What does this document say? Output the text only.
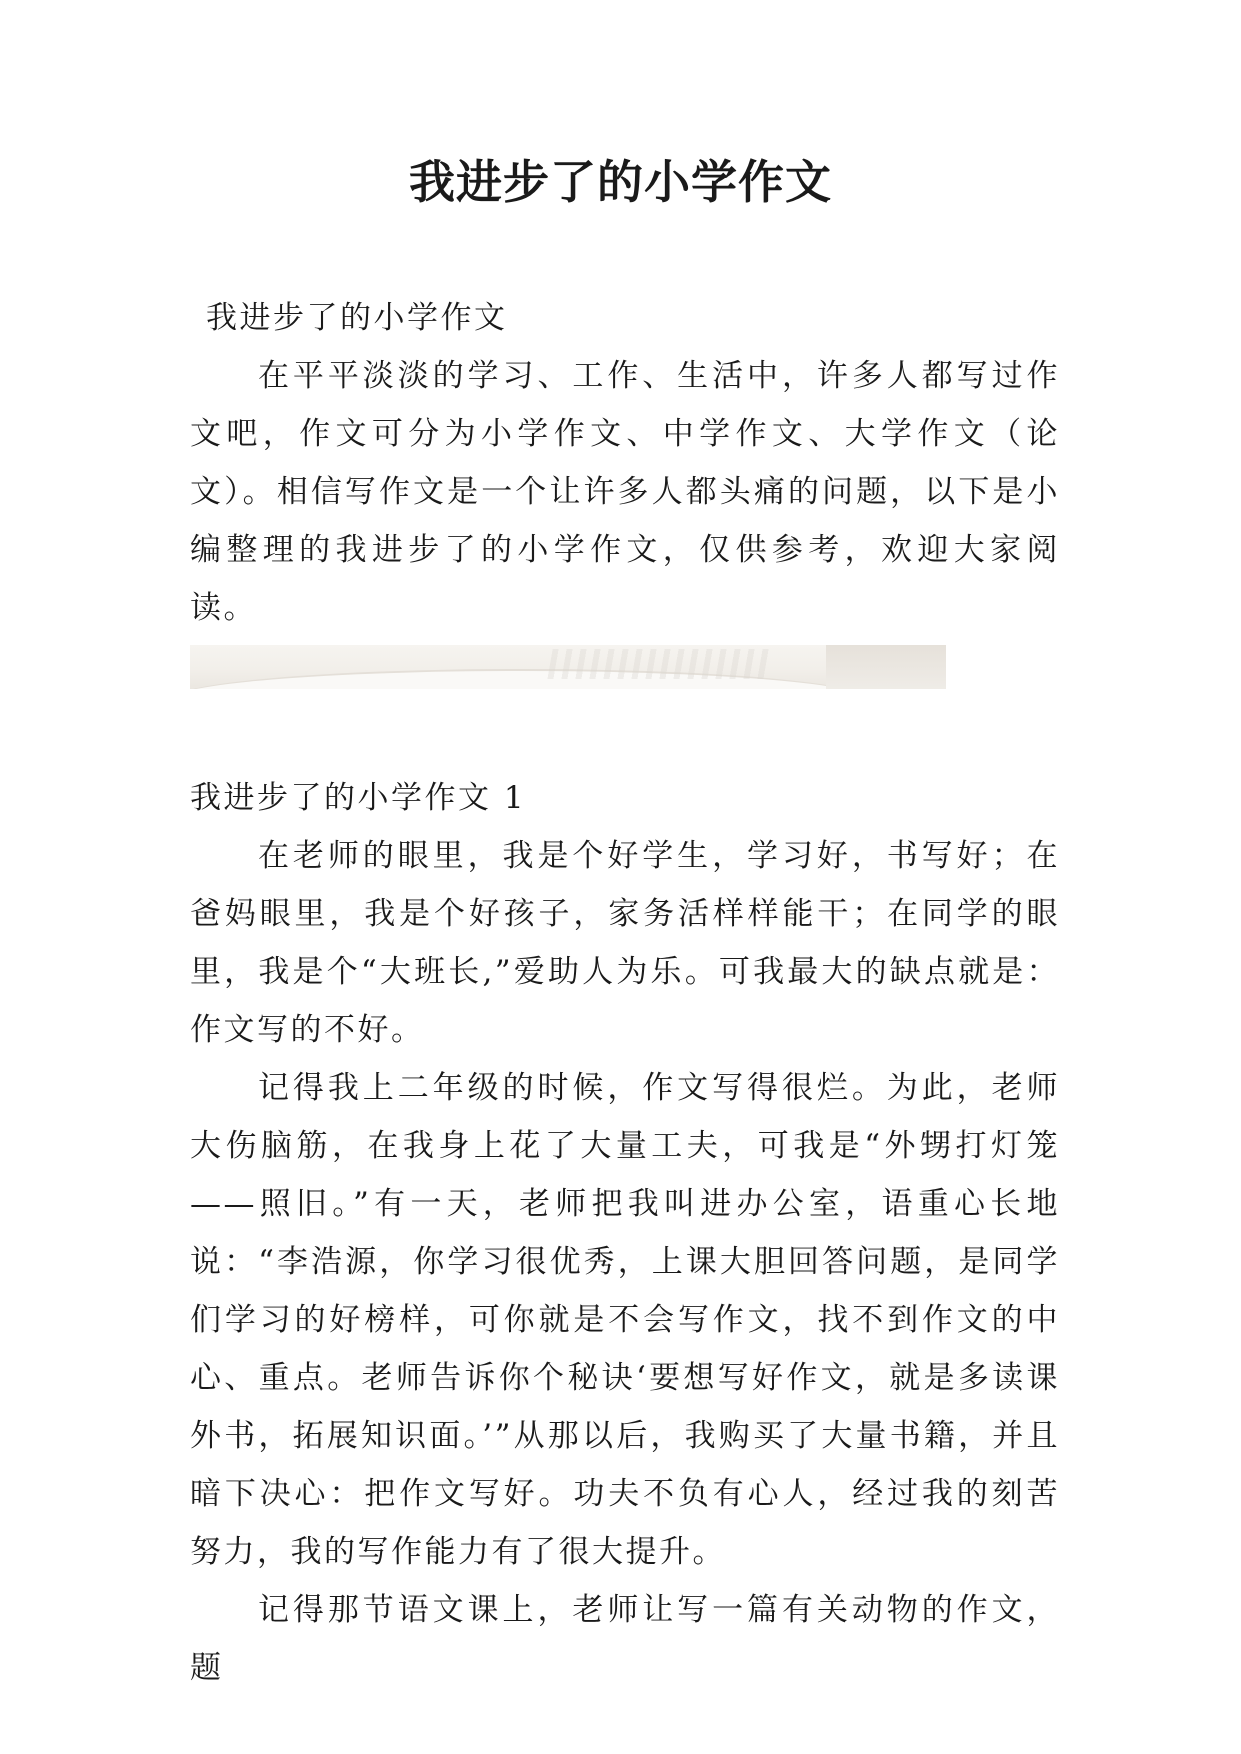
我进步了的小学作文

我进步了的小学作文

在平平淡淡的学习、工作、生活中，许多人都写过作文吧，作文可分为小学作文、中学作文、大学作文（论文）。相信写作文是一个让许多人都头痛的问题，以下是小编整理的我进步了的小学作文，仅供参考，欢迎大家阅读。

我进步了的小学作文 1

在老师的眼里，我是个好学生，学习好，书写好；在爸妈眼里，我是个好孩子，家务活样样能干；在同学的眼里，我是个“大班长,”爱助人为乐。可我最大的缺点就是：作文写的不好。

记得我上二年级的时候，作文写得很烂。为此，老师大伤脑筋，在我身上花了大量工夫，可我是“外甥打灯笼——照旧。”有一天，老师把我叫进办公室，语重心长地说：“李浩源，你学习很优秀，上课大胆回答问题，是同学们学习的好榜样，可你就是不会写作文，找不到作文的中心、重点。老师告诉你个秘诀‘要想写好作文，就是多读课外书，拓展知识面。’”从那以后，我购买了大量书籍，并且暗下决心：把作文写好。功夫不负有心人，经过我的刻苦努力，我的写作能力有了很大提升。

记得那节语文课上，老师让写一篇有关动物的作文，题
